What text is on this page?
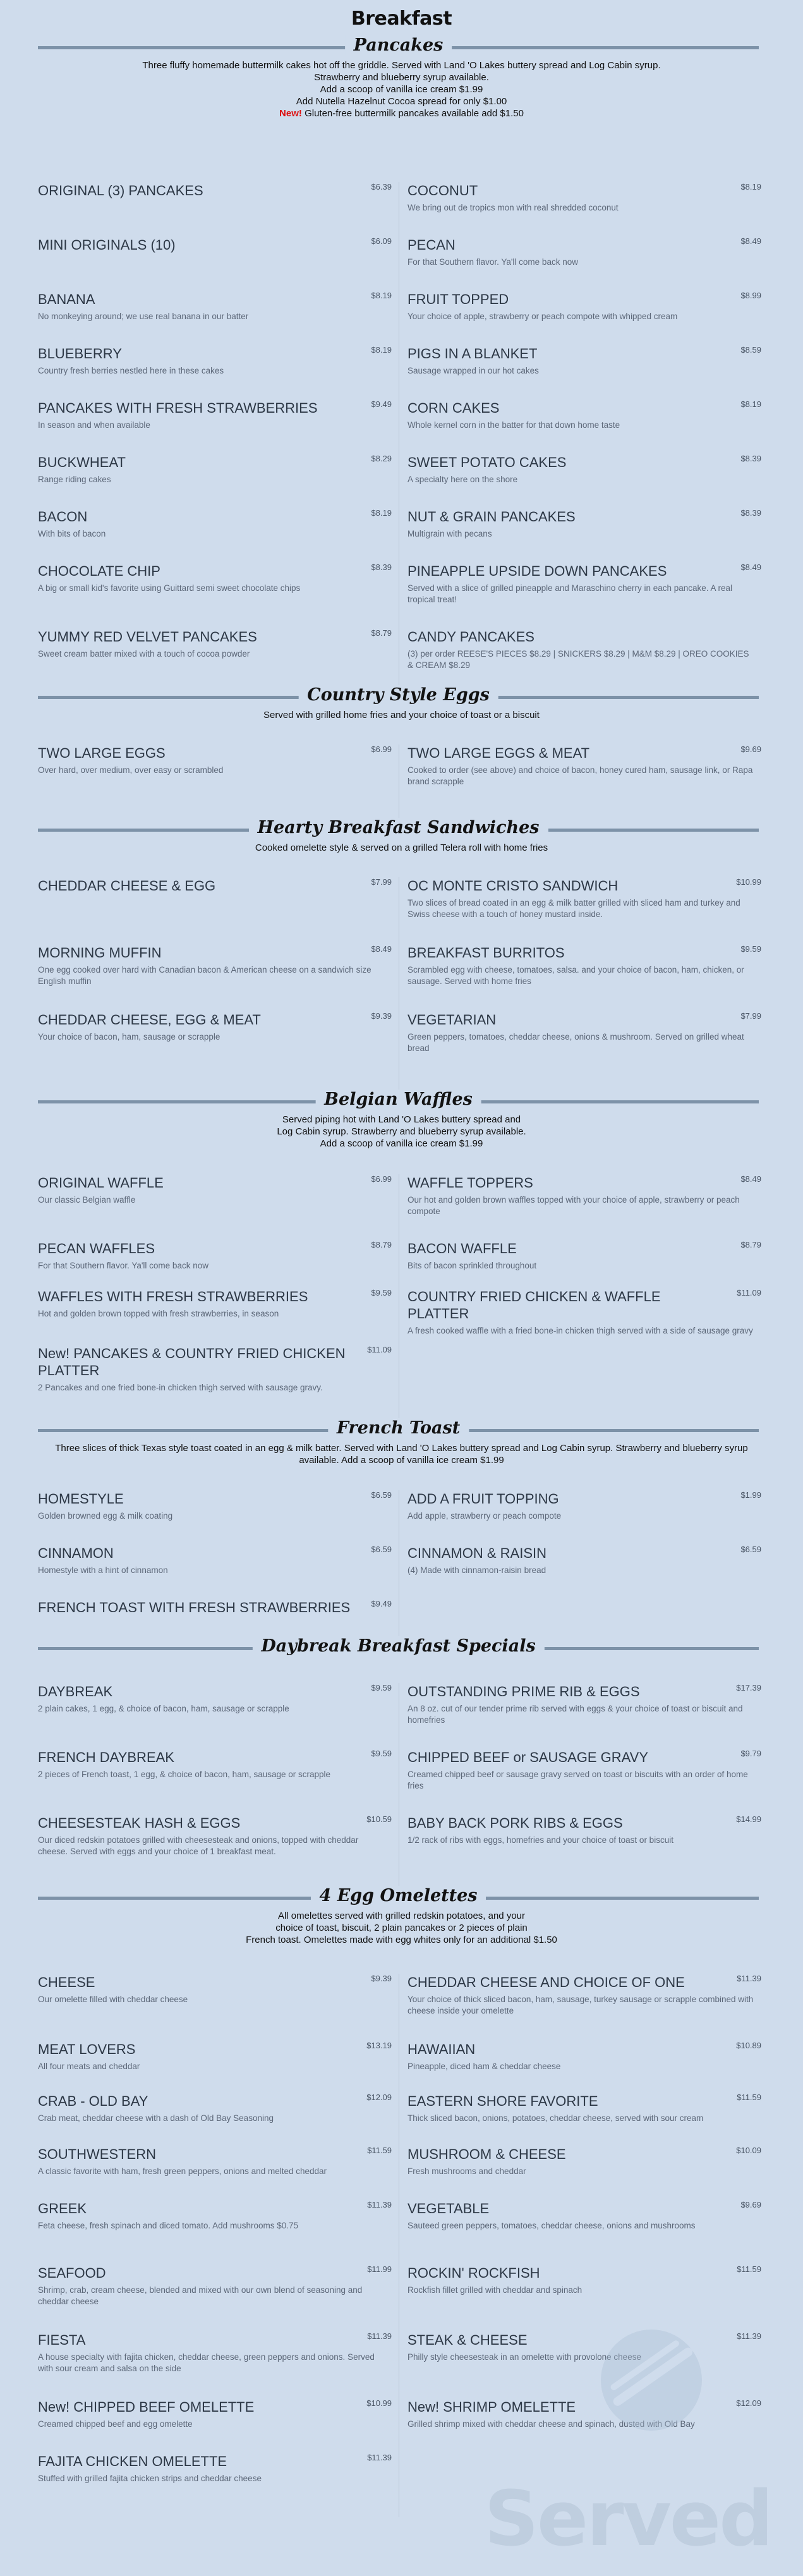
Breakfast
Pancakes
Three fluffy homemade buttermilk cakes hot off the griddle. Served with Land 'O Lakes buttery spread and Log Cabin syrup.
Strawberry and blueberry syrup available.
Add a scoop of vanilla ice cream $1.99
Add Nutella Hazelnut Cocoa spread for only $1.00
New! Gluten-free buttermilk pancakes available add $1.50
ORIGINAL (3) PANCAKES	$6.39
MINI ORIGINALS (10)	$6.09
BANANA	$8.19
No monkeying around; we use real banana in our batter
BLUEBERRY	$8.19
Country fresh berries nestled here in these cakes
PANCAKES WITH FRESH STRAWBERRIES	$9.49
In season and when available
BUCKWHEAT	$8.29
Range riding cakes
BACON	$8.19
With bits of bacon
CHOCOLATE CHIP	$8.39
A big or small kid's favorite using Guittard semi sweet chocolate chips
YUMMY RED VELVET PANCAKES	$8.79
Sweet cream batter mixed with a touch of cocoa powder
COCONUT	$8.19
We bring out de tropics mon with real shredded coconut
PECAN	$8.49
For that Southern flavor. Ya'll come back now
FRUIT TOPPED	$8.99
Your choice of apple, strawberry or peach compote with whipped cream
PIGS IN A BLANKET	$8.59
Sausage wrapped in our hot cakes
CORN CAKES	$8.19
Whole kernel corn in the batter for that down home taste
SWEET POTATO CAKES	$8.39
A specialty here on the shore
NUT & GRAIN PANCAKES	$8.39
Multigrain with pecans
PINEAPPLE UPSIDE DOWN PANCAKES	$8.49
Served with a slice of grilled pineapple and Maraschino cherry in each pancake. A real tropical treat!
CANDY PANCAKES
(3) per order REESE'S PIECES $8.29 | SNICKERS $8.29 | M&M $8.29 | OREO COOKIES & CREAM $8.29
Country Style Eggs
Served with grilled home fries and your choice of toast or a biscuit
TWO LARGE EGGS	$6.99
Over hard, over medium, over easy or scrambled
TWO LARGE EGGS & MEAT	$9.69
Cooked to order (see above) and choice of bacon, honey cured ham, sausage link, or Rapa brand scrapple
Hearty Breakfast Sandwiches
Cooked omelette style & served on a grilled Telera roll with home fries
CHEDDAR CHEESE & EGG	$7.99
MORNING MUFFIN	$8.49
One egg cooked over hard with Canadian bacon & American cheese on a sandwich size English muffin
CHEDDAR CHEESE, EGG & MEAT	$9.39
Your choice of bacon, ham, sausage or scrapple
OC MONTE CRISTO SANDWICH	$10.99
Two slices of bread coated in an egg & milk batter grilled with sliced ham and turkey and Swiss cheese with a touch of honey mustard inside.
BREAKFAST BURRITOS	$9.59
Scrambled egg with cheese, tomatoes, salsa. and your choice of bacon, ham, chicken, or sausage. Served with home fries
VEGETARIAN	$7.99
Green peppers, tomatoes, cheddar cheese, onions & mushroom. Served on grilled wheat bread
Belgian Waffles
Served piping hot with Land 'O Lakes buttery spread and
Log Cabin syrup. Strawberry and blueberry syrup available.
Add a scoop of vanilla ice cream $1.99
ORIGINAL WAFFLE	$6.99
Our classic Belgian waffle
PECAN WAFFLES	$8.79
For that Southern flavor. Ya'll come back now
WAFFLES WITH FRESH STRAWBERRIES	$9.59
Hot and golden brown topped with fresh strawberries, in season
New! PANCAKES & COUNTRY FRIED CHICKEN PLATTER
$11.09
2 Pancakes and one fried bone-in chicken thigh served with sausage gravy.
WAFFLE TOPPERS	$8.49
Our hot and golden brown waffles topped with your choice of apple, strawberry or peach compote
BACON WAFFLE	$8.79
Bits of bacon sprinkled throughout
COUNTRY FRIED CHICKEN & WAFFLE PLATTER
$11.09
A fresh cooked waffle with a fried bone-in chicken thigh served with a side of sausage gravy
French Toast
Three slices of thick Texas style toast coated in an egg & milk batter. Served with Land 'O Lakes buttery spread and Log Cabin syrup. Strawberry and blueberry syrup
available. Add a scoop of vanilla ice cream $1.99
HOMESTYLE	$6.59
Golden browned egg & milk coating
CINNAMON	$6.59
Homestyle with a hint of cinnamon
FRENCH TOAST WITH FRESH STRAWBERRIES	$9.49
ADD A FRUIT TOPPING	$1.99
Add apple, strawberry or peach compote
CINNAMON & RAISIN	$6.59
(4) Made with cinnamon-raisin bread
Daybreak Breakfast Specials
DAYBREAK	$9.59
2 plain cakes, 1 egg, & choice of bacon, ham, sausage or scrapple
FRENCH DAYBREAK	$9.59
2 pieces of French toast, 1 egg, & choice of bacon, ham, sausage or scrapple
CHEESESTEAK HASH & EGGS	$10.59
Our diced redskin potatoes grilled with cheesesteak and onions, topped with cheddar cheese. Served with eggs and your choice of 1 breakfast meat.
OUTSTANDING PRIME RIB & EGGS	$17.39
An 8 oz. cut of our tender prime rib served with eggs & your choice of toast or biscuit and homefries
CHIPPED BEEF or SAUSAGE GRAVY	$9.79
Creamed chipped beef or sausage gravy served on toast or biscuits with an order of home fries
BABY BACK PORK RIBS & EGGS	$14.99
1/2 rack of ribs with eggs, homefries and your choice of toast or biscuit
4 Egg Omelettes
All omelettes served with grilled redskin potatoes, and your
choice of toast, biscuit, 2 plain pancakes or 2 pieces of plain
French toast. Omelettes made with egg whites only for an additional $1.50
CHEESE	$9.39
Our omelette filled with cheddar cheese
MEAT LOVERS	$13.19
All four meats and cheddar
CRAB - OLD BAY	$12.09
Crab meat, cheddar cheese with a dash of Old Bay Seasoning
SOUTHWESTERN	$11.59
A classic favorite with ham, fresh green peppers, onions and melted cheddar
GREEK	$11.39
Feta cheese, fresh spinach and diced tomato. Add mushrooms $0.75
SEAFOOD	$11.99
Shrimp, crab, cream cheese, blended and mixed with our own blend of seasoning and cheddar cheese
FIESTA	$11.39
A house specialty with fajita chicken, cheddar cheese, green peppers and onions. Served with sour cream and salsa on the side
New! CHIPPED BEEF OMELETTE	$10.99
Creamed chipped beef and egg omelette
FAJITA CHICKEN OMELETTE	$11.39
Stuffed with grilled fajita chicken strips and cheddar cheese
CHEDDAR CHEESE AND CHOICE OF ONE	$11.39
Your choice of thick sliced bacon, ham, sausage, turkey sausage or scrapple combined with cheese inside your omelette
HAWAIIAN	$10.89
Pineapple, diced ham & cheddar cheese
EASTERN SHORE FAVORITE	$11.59
Thick sliced bacon, onions, potatoes, cheddar cheese, served with sour cream
MUSHROOM & CHEESE	$10.09
Fresh mushrooms and cheddar
VEGETABLE	$9.69
Sauteed green peppers, tomatoes, cheddar cheese, onions and mushrooms
ROCKIN' ROCKFISH	$11.59
Rockfish fillet grilled with cheddar and spinach
STEAK & CHEESE	$11.39
Philly style cheesesteak in an omelette with provolone cheese
New! SHRIMP OMELETTE	$12.09
Grilled shrimp mixed with cheddar cheese and spinach, dusted with Old Bay
Served
